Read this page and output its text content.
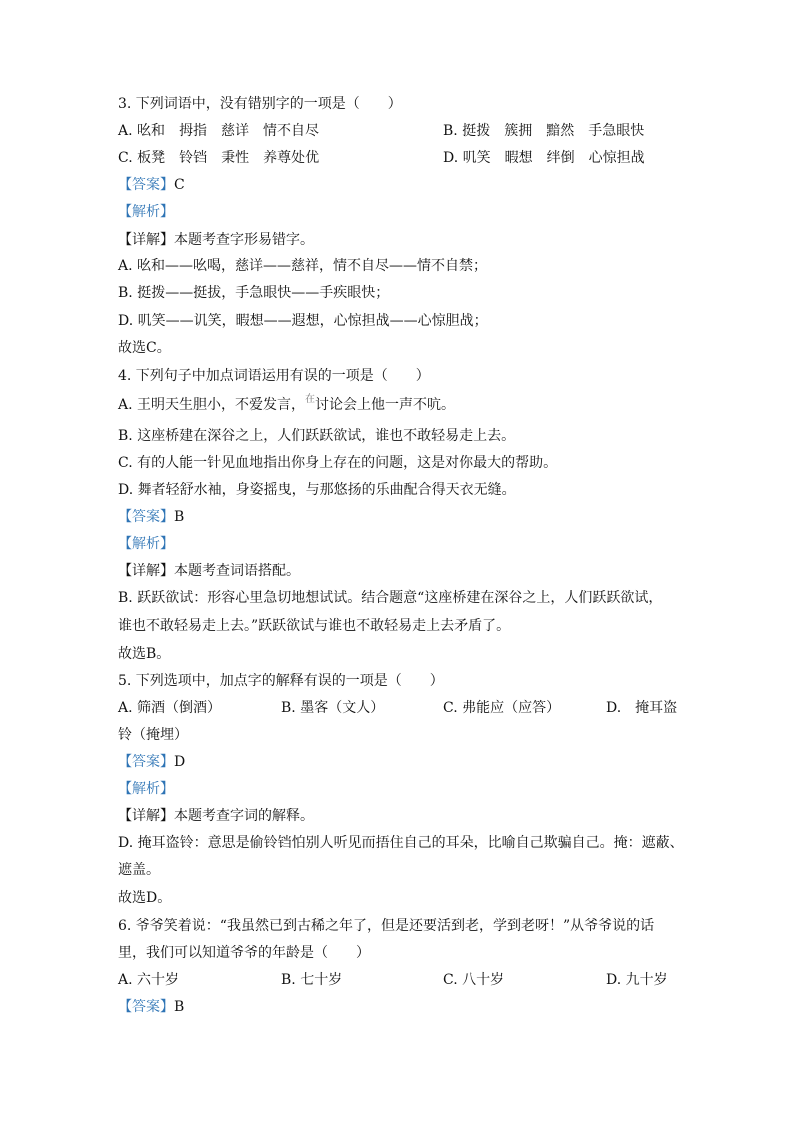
3. 下列词语中，没有错别字的一项是（　　）
A. 吆和　拇指　慈详　情不自尽	B. 挺拨　簇拥　黯然　手急眼快
C. 板凳　铃铛　秉性　养尊处优	D. 叽笑　暇想　绊倒　心惊担战
【答案】C
【解析】
【详解】本题考查字形易错字。
A. 吆和——吆喝，慈详——慈祥，情不自尽——情不自禁；
B. 挺拨——挺拔，手急眼快——手疾眼快；
D. 叽笑——讥笑，暇想——遐想，心惊担战——心惊胆战；
故选C。
4. 下列句子中加点词语运用有误的一项是（　　）
A. 王明天生胆小，不爱发言，$^在$讨论会上他一声不吭。
B. 这座桥建在深谷之上，人们跃跃欲试，谁也不敢轻易走上去。
C. 有的人能一针见血地指出你身上存在的问题，这是对你最大的帮助。
D. 舞者轻舒水袖，身姿摇曳，与那悠扬的乐曲配合得天衣无缝。
【答案】B
【解析】
【详解】本题考查词语搭配。
B. 跃跃欲试：形容心里急切地想试试。结合题意“这座桥建在深谷之上，人们跃跃欲试，
谁也不敢轻易走上去。”跃跃欲试与谁也不敢轻易走上去矛盾了。
故选B。
5. 下列选项中，加点字的解释有误的一项是（　　）
A. 筛酒（倒酒）	B. 墨客（文人）	C. 弗能应（应答）	D.　掩耳盗
铃（掩埋）
【答案】D
【解析】
【详解】本题考查字词的解释。
D. 掩耳盗铃：意思是偷铃铛怕别人听见而捂住自己的耳朵，比喻自己欺骗自己。掩：遮蔽、
遮盖。
故选D。
6. 爷爷笑着说：“我虽然已到古稀之年了，但是还要活到老，学到老呀！”从爷爷说的话
里，我们可以知道爷爷的年龄是（　　）
A. 六十岁	B. 七十岁	C. 八十岁	D. 九十岁
【答案】B
